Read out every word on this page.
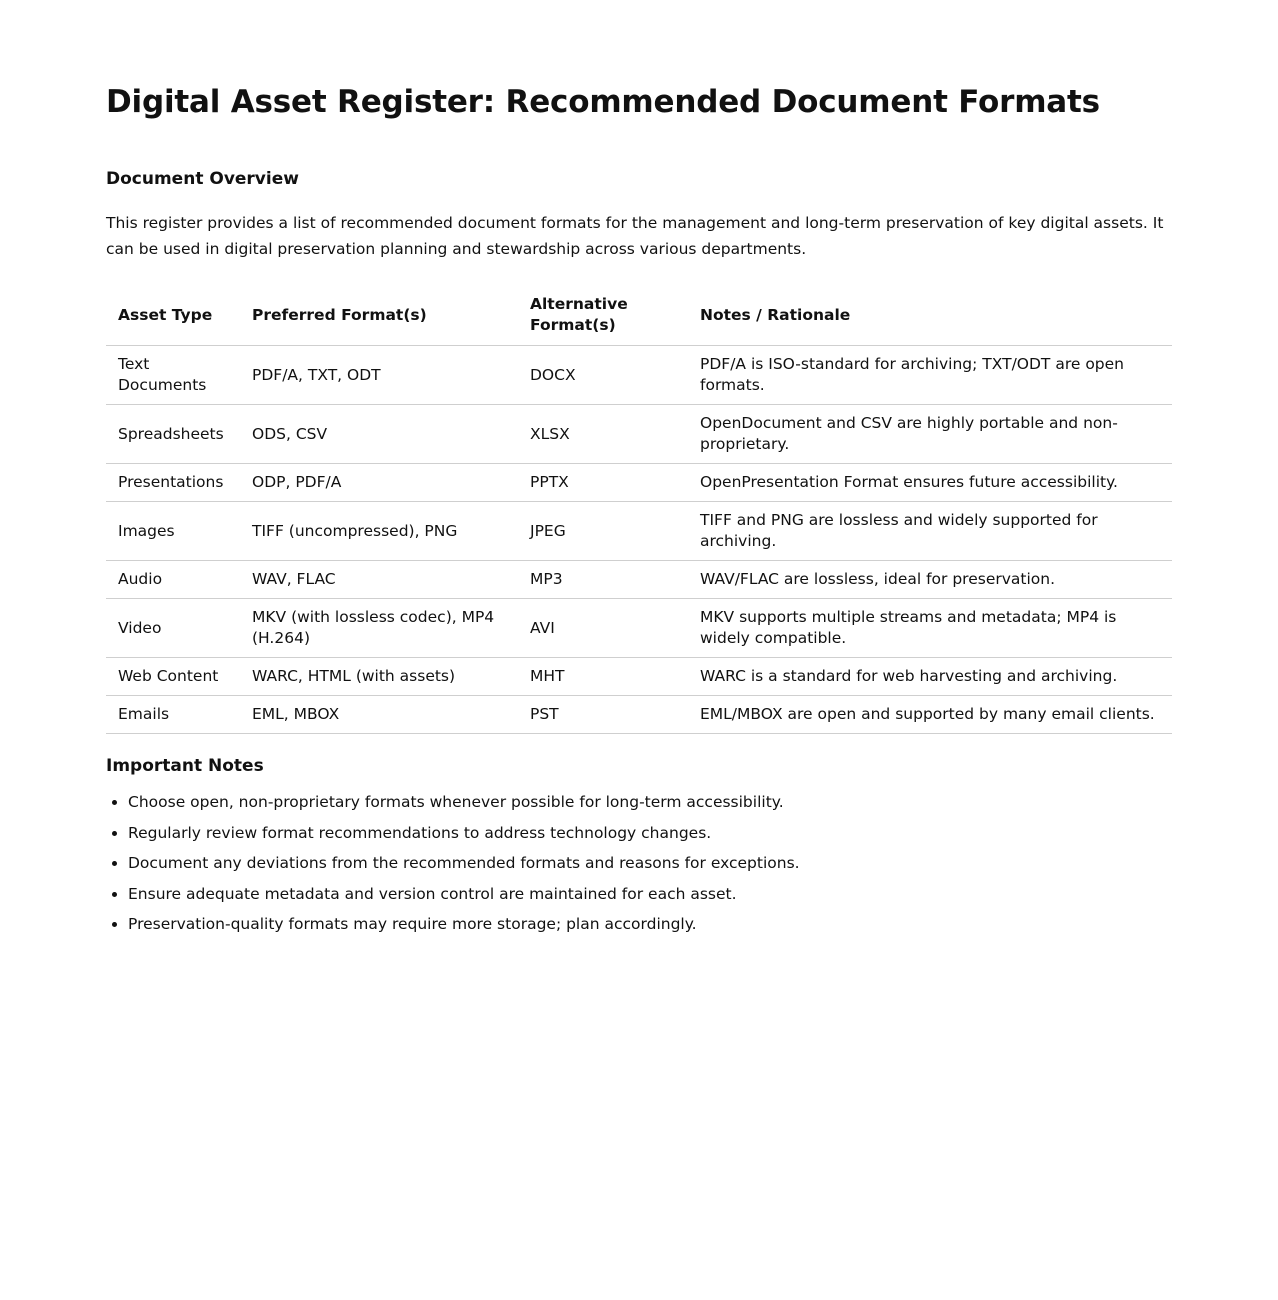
Digital Asset Register: Recommended Document Formats
Document Overview

This register provides a list of recommended document formats for the management and long-term preservation of key digital assets. It can be used in digital preservation planning and stewardship across various departments.

Asset Type	Preferred Format(s)	Alternative Format(s)	Notes / Rationale
Text Documents	PDF/A, TXT, ODT	DOCX	PDF/A is ISO-standard for archiving; TXT/ODT are open formats.
Spreadsheets	ODS, CSV	XLSX	OpenDocument and CSV are highly portable and non-proprietary.
Presentations	ODP, PDF/A	PPTX	OpenPresentation Format ensures future accessibility.
Images	TIFF (uncompressed), PNG	JPEG	TIFF and PNG are lossless and widely supported for archiving.
Audio	WAV, FLAC	MP3	WAV/FLAC are lossless, ideal for preservation.
Video	MKV (with lossless codec), MP4 (H.264)	AVI	MKV supports multiple streams and metadata; MP4 is widely compatible.
Web Content	WARC, HTML (with assets)	MHT	WARC is a standard for web harvesting and archiving.
Emails	EML, MBOX	PST	EML/MBOX are open and supported by many email clients.
Important Notes
• Choose open, non-proprietary formats whenever possible for long-term accessibility.
• Regularly review format recommendations to address technology changes.
• Document any deviations from the recommended formats and reasons for exceptions.
• Ensure adequate metadata and version control are maintained for each asset.
• Preservation-quality formats may require more storage; plan accordingly.
